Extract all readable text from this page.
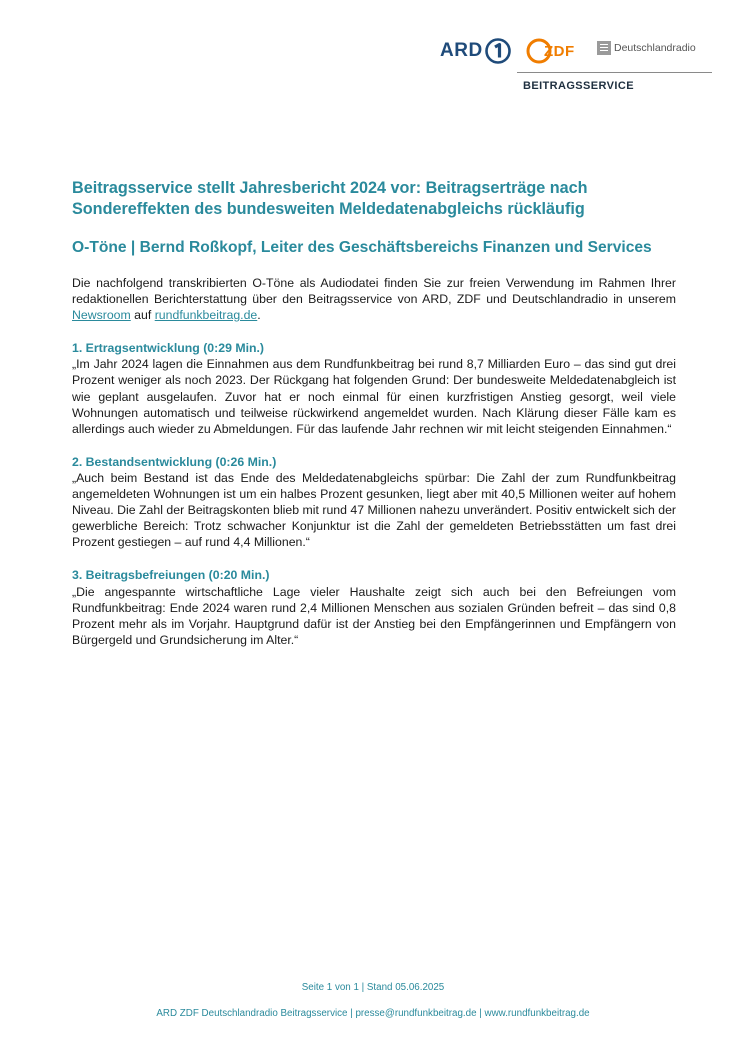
ARD	ZDF	Deutschlandradio
BEITRAGSSERVICE
Beitragsservice stellt Jahresbericht 2024 vor: Beitragserträge nach Sondereffekten des bundesweiten Meldedatenabgleichs rückläufig
O-Töne | Bernd Roßkopf, Leiter des Geschäftsbereichs Finanzen und Services

Die nachfolgend transkribierten O-Töne als Audiodatei finden Sie zur freien Verwendung im Rahmen Ihrer redaktionellen Berichterstattung über den Beitragsservice von ARD, ZDF und Deutschlandradio in unserem Newsroom auf rundfunkbeitrag.de.

1. Ertragsentwicklung (0:29 Min.)

„Im Jahr 2024 lagen die Einnahmen aus dem Rundfunkbeitrag bei rund 8,7 Milliarden Euro – das sind gut drei Prozent weniger als noch 2023. Der Rückgang hat folgenden Grund: Der bundesweite Meldedatenabgleich ist wie geplant ausgelaufen. Zuvor hat er noch einmal für einen kurzfristigen Anstieg gesorgt, weil viele Wohnungen automatisch und teilweise rückwirkend angemeldet wurden. Nach Klärung dieser Fälle kam es allerdings auch wieder zu Abmeldungen. Für das laufende Jahr rechnen wir mit leicht steigenden Einnahmen.“

2. Bestandsentwicklung (0:26 Min.)

„Auch beim Bestand ist das Ende des Meldedatenabgleichs spürbar: Die Zahl der zum Rundfunkbeitrag angemeldeten Wohnungen ist um ein halbes Prozent gesunken, liegt aber mit 40,5 Millionen weiter auf hohem Niveau. Die Zahl der Beitragskonten blieb mit rund 47 Millionen nahezu unverändert. Positiv entwickelt sich der gewerbliche Bereich: Trotz schwacher Konjunktur ist die Zahl der gemeldeten Betriebsstätten um fast drei Prozent gestiegen – auf rund 4,4 Millionen.“

3. Beitragsbefreiungen (0:20 Min.)

„Die angespannte wirtschaftliche Lage vieler Haushalte zeigt sich auch bei den Befreiungen vom Rundfunkbeitrag: Ende 2024 waren rund 2,4 Millionen Menschen aus sozialen Gründen befreit – das sind 0,8 Prozent mehr als im Vorjahr. Hauptgrund dafür ist der Anstieg bei den Empfängerinnen und Empfängern von Bürgergeld und Grundsicherung im Alter.“

Seite 1 von 1 | Stand 05.06.2025
ARD ZDF Deutschlandradio Beitragsservice | presse@rundfunkbeitrag.de | www.rundfunkbeitrag.de
